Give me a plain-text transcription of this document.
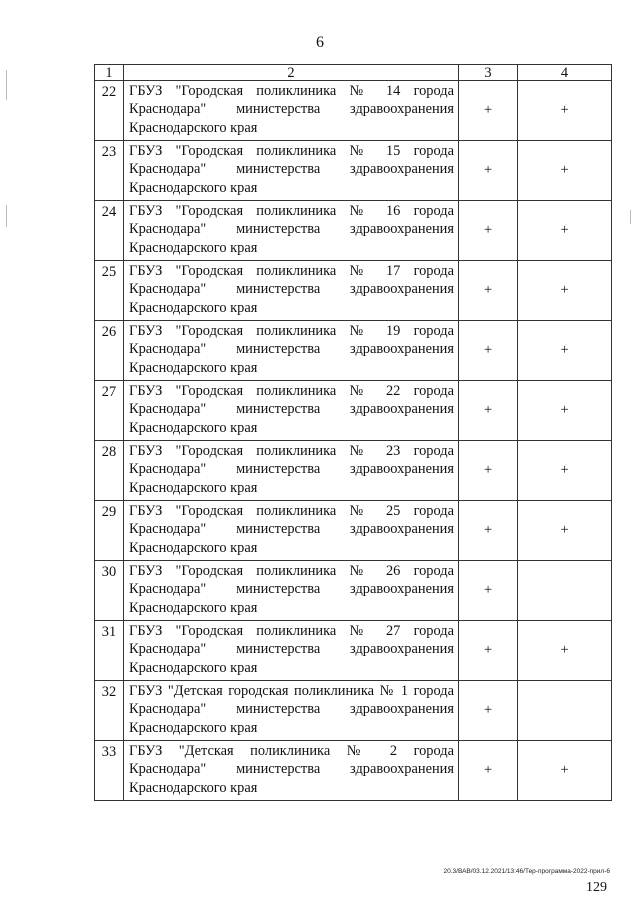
6
1	2	3	4
22	ГБУЗ "Городская поликлиника № 14 города Краснодара" министерства здравоохранения Краснодарского края	+	+
23	ГБУЗ "Городская поликлиника № 15 города Краснодара" министерства здравоохранения Краснодарского края	+	+
24	ГБУЗ "Городская поликлиника № 16 города Краснодара" министерства здравоохранения Краснодарского края	+	+
25	ГБУЗ "Городская поликлиника № 17 города Краснодара" министерства здравоохранения Краснодарского края	+	+
26	ГБУЗ "Городская поликлиника № 19 города Краснодара" министерства здравоохранения Краснодарского края	+	+
27	ГБУЗ "Городская поликлиника № 22 города Краснодара" министерства здравоохранения Краснодарского края	+	+
28	ГБУЗ "Городская поликлиника № 23 города Краснодара" министерства здравоохранения Краснодарского края	+	+
29	ГБУЗ "Городская поликлиника № 25 города Краснодара" министерства здравоохранения Краснодарского края	+	+
30	ГБУЗ "Городская поликлиника № 26 города Краснодара" министерства здравоохранения Краснодарского края	+	
31	ГБУЗ "Городская поликлиника № 27 города Краснодара" министерства здравоохранения Краснодарского края	+	+
32	ГБУЗ "Детская городская поликлиника № 1 города Краснодара" министерства здравоохранения Краснодарского края	+	
33	ГБУЗ "Детская поликлиника № 2 города Краснодара" министерства здравоохранения Краснодарского края	+	+
20.3/ВАВ/03.12.2021/13:46/Тер-программа-2022-прил-6
129
